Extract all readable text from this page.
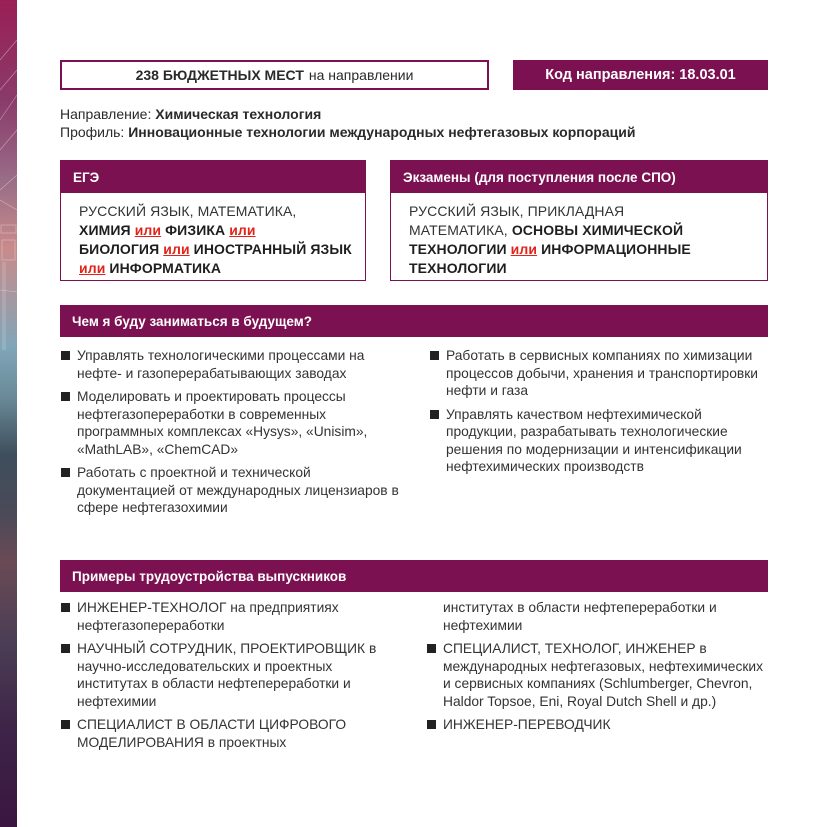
238 БЮДЖЕТНЫХ МЕСТ на направлении	Код направления: 18.03.01
Направление: Химическая технология
Профиль: Инновационные технологии международных нефтегазовых корпораций
ЕГЭ
РУССКИЙ ЯЗЫК, МАТЕМАТИКА,
ХИМИЯ или ФИЗИКА или
БИОЛОГИЯ или ИНОСТРАННЫЙ ЯЗЫК или ИНФОРМАТИКА
Экзамены (для поступления после СПО)
РУССКИЙ ЯЗЫК, ПРИКЛАДНАЯ МАТЕМАТИКА, ОСНОВЫ ХИМИЧЕСКОЙ ТЕХНОЛОГИИ или ИНФОРМАЦИОННЫЕ ТЕХНОЛОГИИ
Чем я буду заниматься в будущем?
Управлять технологическими процессами на нефте- и газоперерабатывающих заводах
Моделировать и проектировать процессы нефтегазопереработки в современных программных комплексах «Hysys», «Unisim», «MathLAB», «ChemCAD»
Работать с проектной и технической документацией от международных лицензиаров в сфере нефтегазохимии
Работать в сервисных компаниях по химизации процессов добычи, хранения и транспортировки нефти и газа
Управлять качеством нефтехимической продукции, разрабатывать технологические решения по модернизации и интенсификации нефтехимических производств
Примеры трудоустройства выпускников
ИНЖЕНЕР-ТЕХНОЛОГ на предприятиях нефтегазопереработки
НАУЧНЫЙ СОТРУДНИК, ПРОЕКТИРОВЩИК в научно-исследовательских и проектных институтах в области нефтепереработки и нефтехимии
СПЕЦИАЛИСТ В ОБЛАСТИ ЦИФРОВОГО МОДЕЛИРОВАНИЯ в проектных
институтах в области нефтепереработки и нефтехимии
СПЕЦИАЛИСТ, ТЕХНОЛОГ, ИНЖЕНЕР в международных нефтегазовых, нефтехимических и сервисных компаниях (Schlumberger, Chevron, Haldor Topsoe, Eni, Royal Dutch Shell и др.)
ИНЖЕНЕР-ПЕРЕВОДЧИК
